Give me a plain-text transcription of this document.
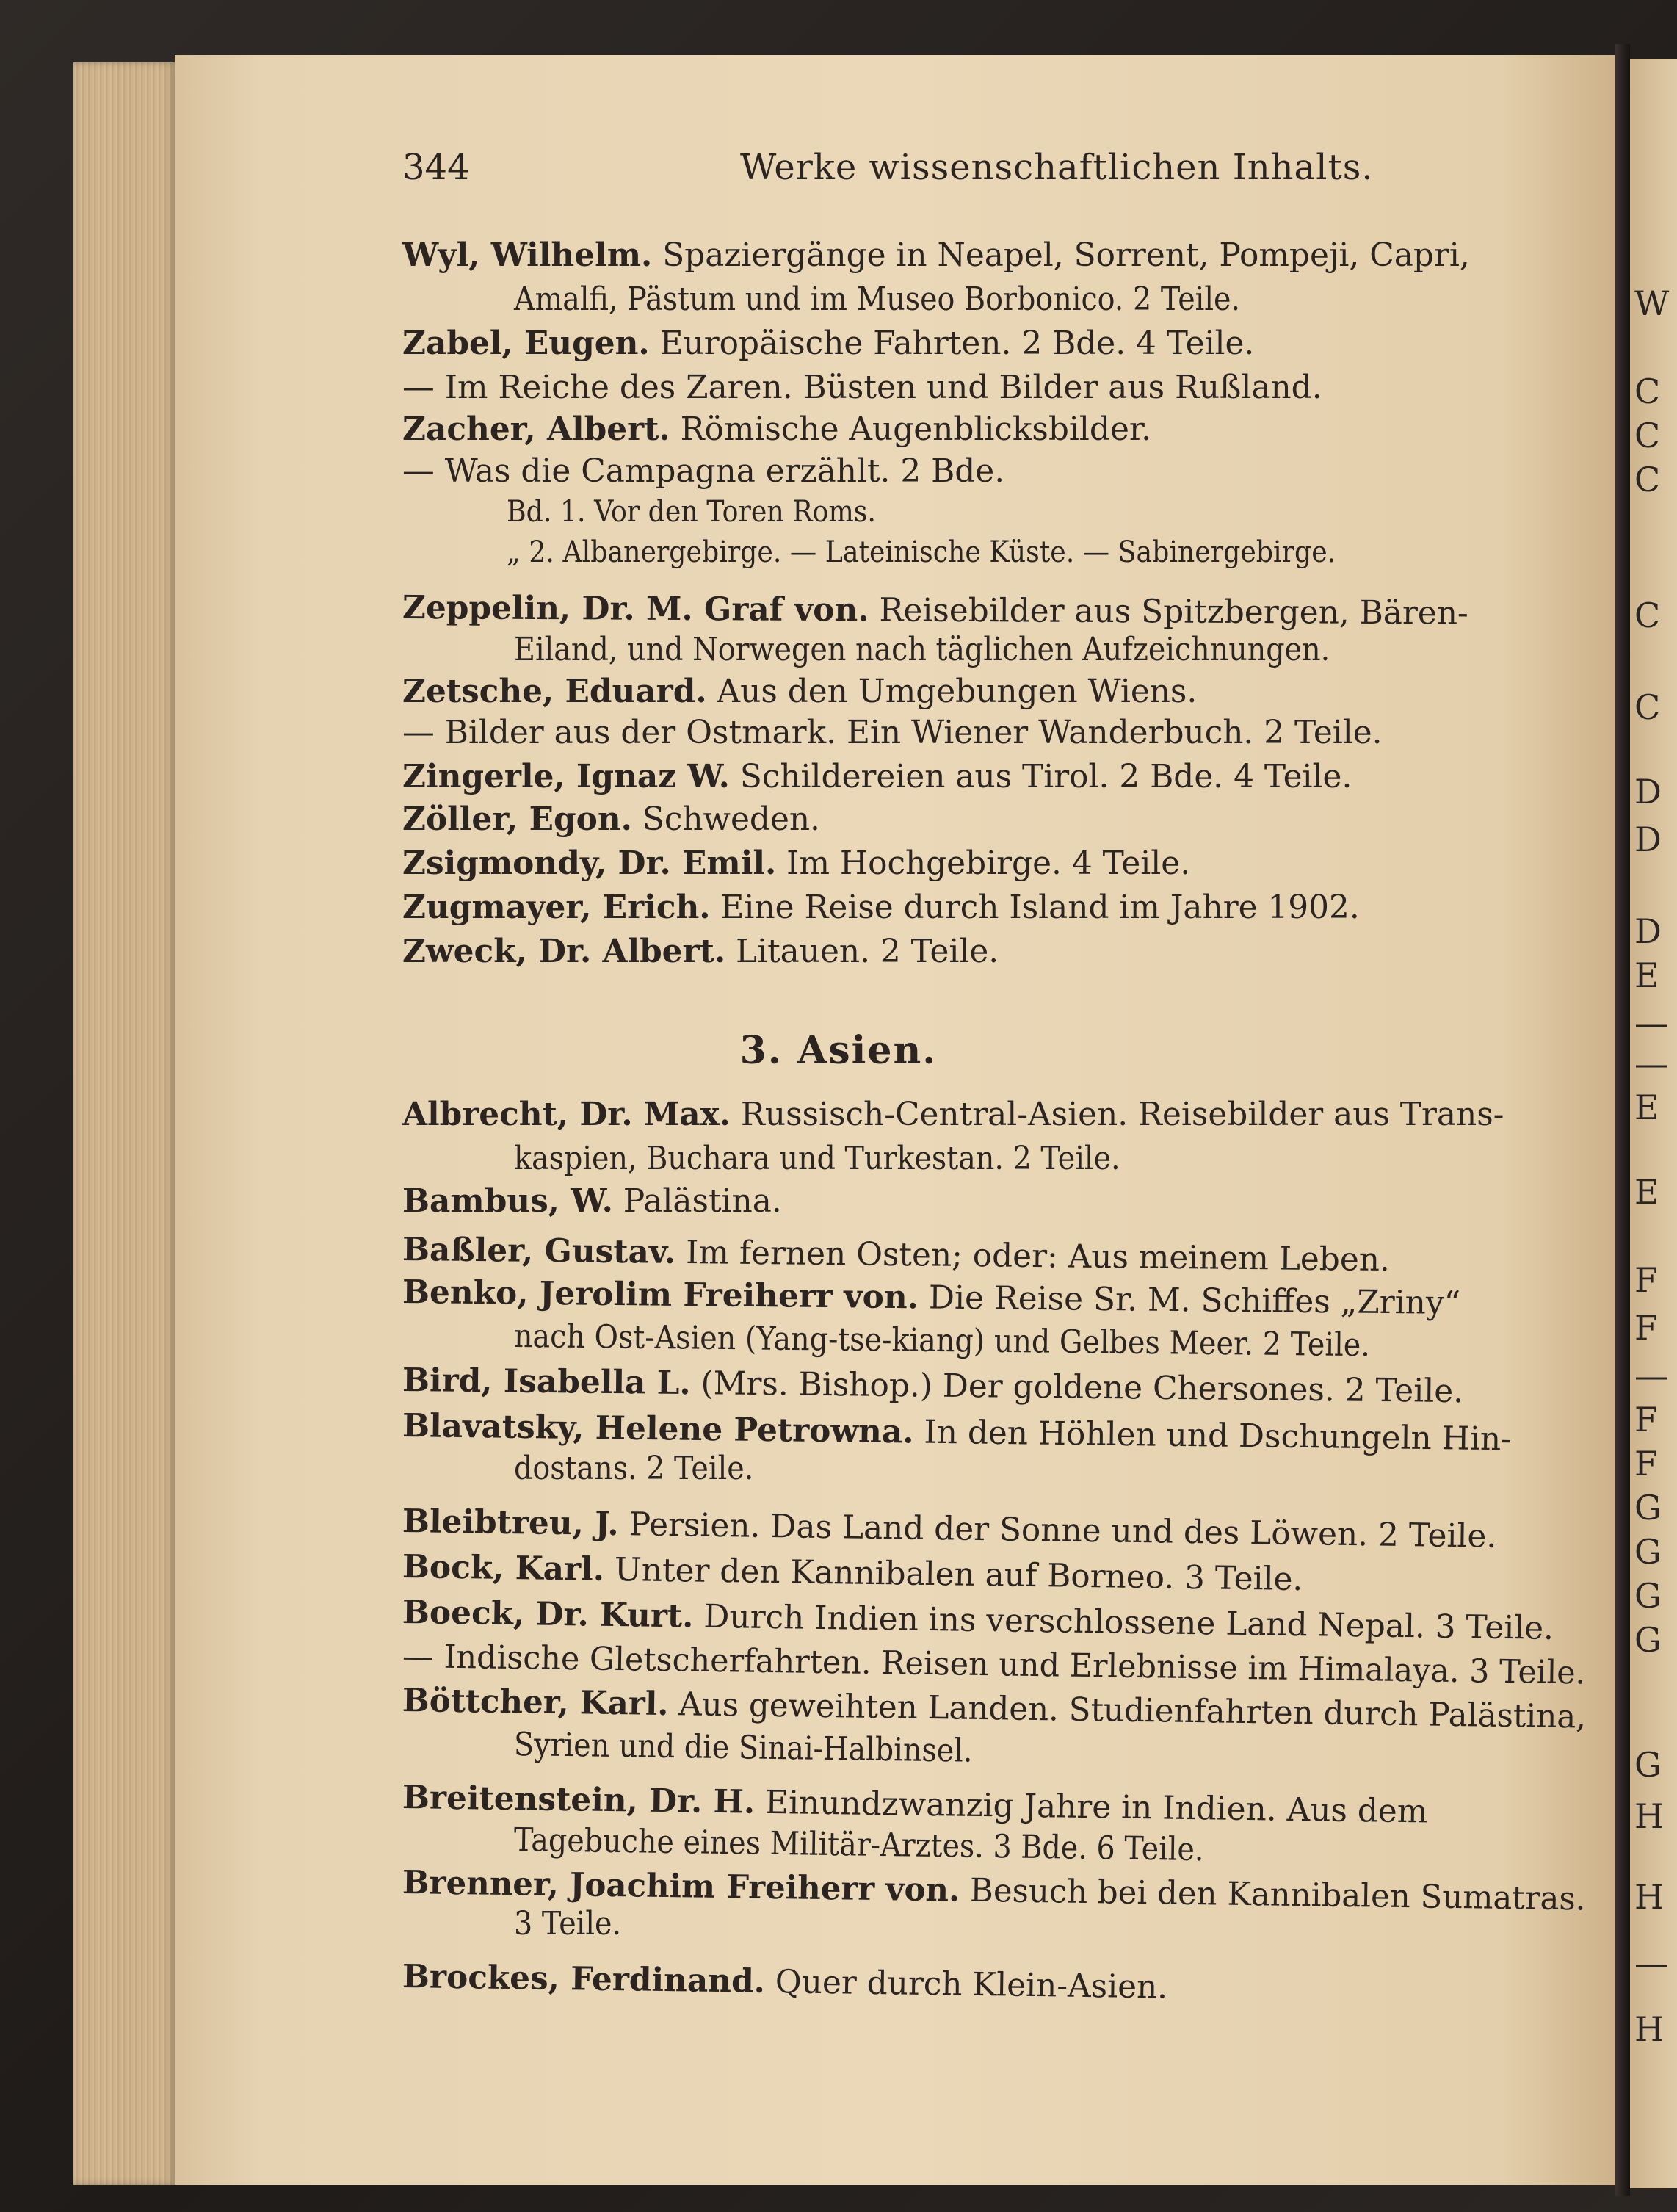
W
C
C
C
C
C
D
D
D
E
—
—
E
E
F
F
—
F
F
G
G
G
G
G
H
H
—
H
344	Werke wissenschaftlichen Inhalts.
Wyl, Wilhelm. Spaziergänge in Neapel, Sorrent, Pompeji, Capri,
Amalfi, Pästum und im Museo Borbonico. 2 Teile.
Zabel, Eugen. Europäische Fahrten. 2 Bde. 4 Teile.
— Im Reiche des Zaren. Büsten und Bilder aus Rußland.
Zacher, Albert. Römische Augenblicksbilder.
— Was die Campagna erzählt. 2 Bde.
Bd. 1. Vor den Toren Roms.
„ 2. Albanergebirge. — Lateinische Küste. — Sabinergebirge.
Zeppelin, Dr. M. Graf von. Reisebilder aus Spitzbergen, Bären-
Eiland, und Norwegen nach täglichen Aufzeichnungen.
Zetsche, Eduard. Aus den Umgebungen Wiens.
— Bilder aus der Ostmark. Ein Wiener Wanderbuch. 2 Teile.
Zingerle, Ignaz W. Schildereien aus Tirol. 2 Bde. 4 Teile.
Zöller, Egon. Schweden.
Zsigmondy, Dr. Emil. Im Hochgebirge. 4 Teile.
Zugmayer, Erich. Eine Reise durch Island im Jahre 1902.
Zweck, Dr. Albert. Litauen. 2 Teile.
3. Asien.
Albrecht, Dr. Max. Russisch-Central-Asien. Reisebilder aus Trans-
kaspien, Buchara und Turkestan. 2 Teile.
Bambus, W. Palästina.
Baßler, Gustav. Im fernen Osten; oder: Aus meinem Leben.
Benko, Jerolim Freiherr von. Die Reise Sr. M. Schiffes „Zriny“
nach Ost-Asien (Yang-tse-kiang) und Gelbes Meer. 2 Teile.
Bird, Isabella L. (Mrs. Bishop.) Der goldene Chersones. 2 Teile.
Blavatsky, Helene Petrowna. In den Höhlen und Dschungeln Hin-
dostans. 2 Teile.
Bleibtreu, J. Persien. Das Land der Sonne und des Löwen. 2 Teile.
Bock, Karl. Unter den Kannibalen auf Borneo. 3 Teile.
Boeck, Dr. Kurt. Durch Indien ins verschlossene Land Nepal. 3 Teile.
— Indische Gletscherfahrten. Reisen und Erlebnisse im Himalaya. 3 Teile.
Böttcher, Karl. Aus geweihten Landen. Studienfahrten durch Palästina,
Syrien und die Sinai-Halbinsel.
Breitenstein, Dr. H. Einundzwanzig Jahre in Indien. Aus dem
Tagebuche eines Militär-Arztes. 3 Bde. 6 Teile.
Brenner, Joachim Freiherr von. Besuch bei den Kannibalen Sumatras.
3 Teile.
Brockes, Ferdinand. Quer durch Klein-Asien.
